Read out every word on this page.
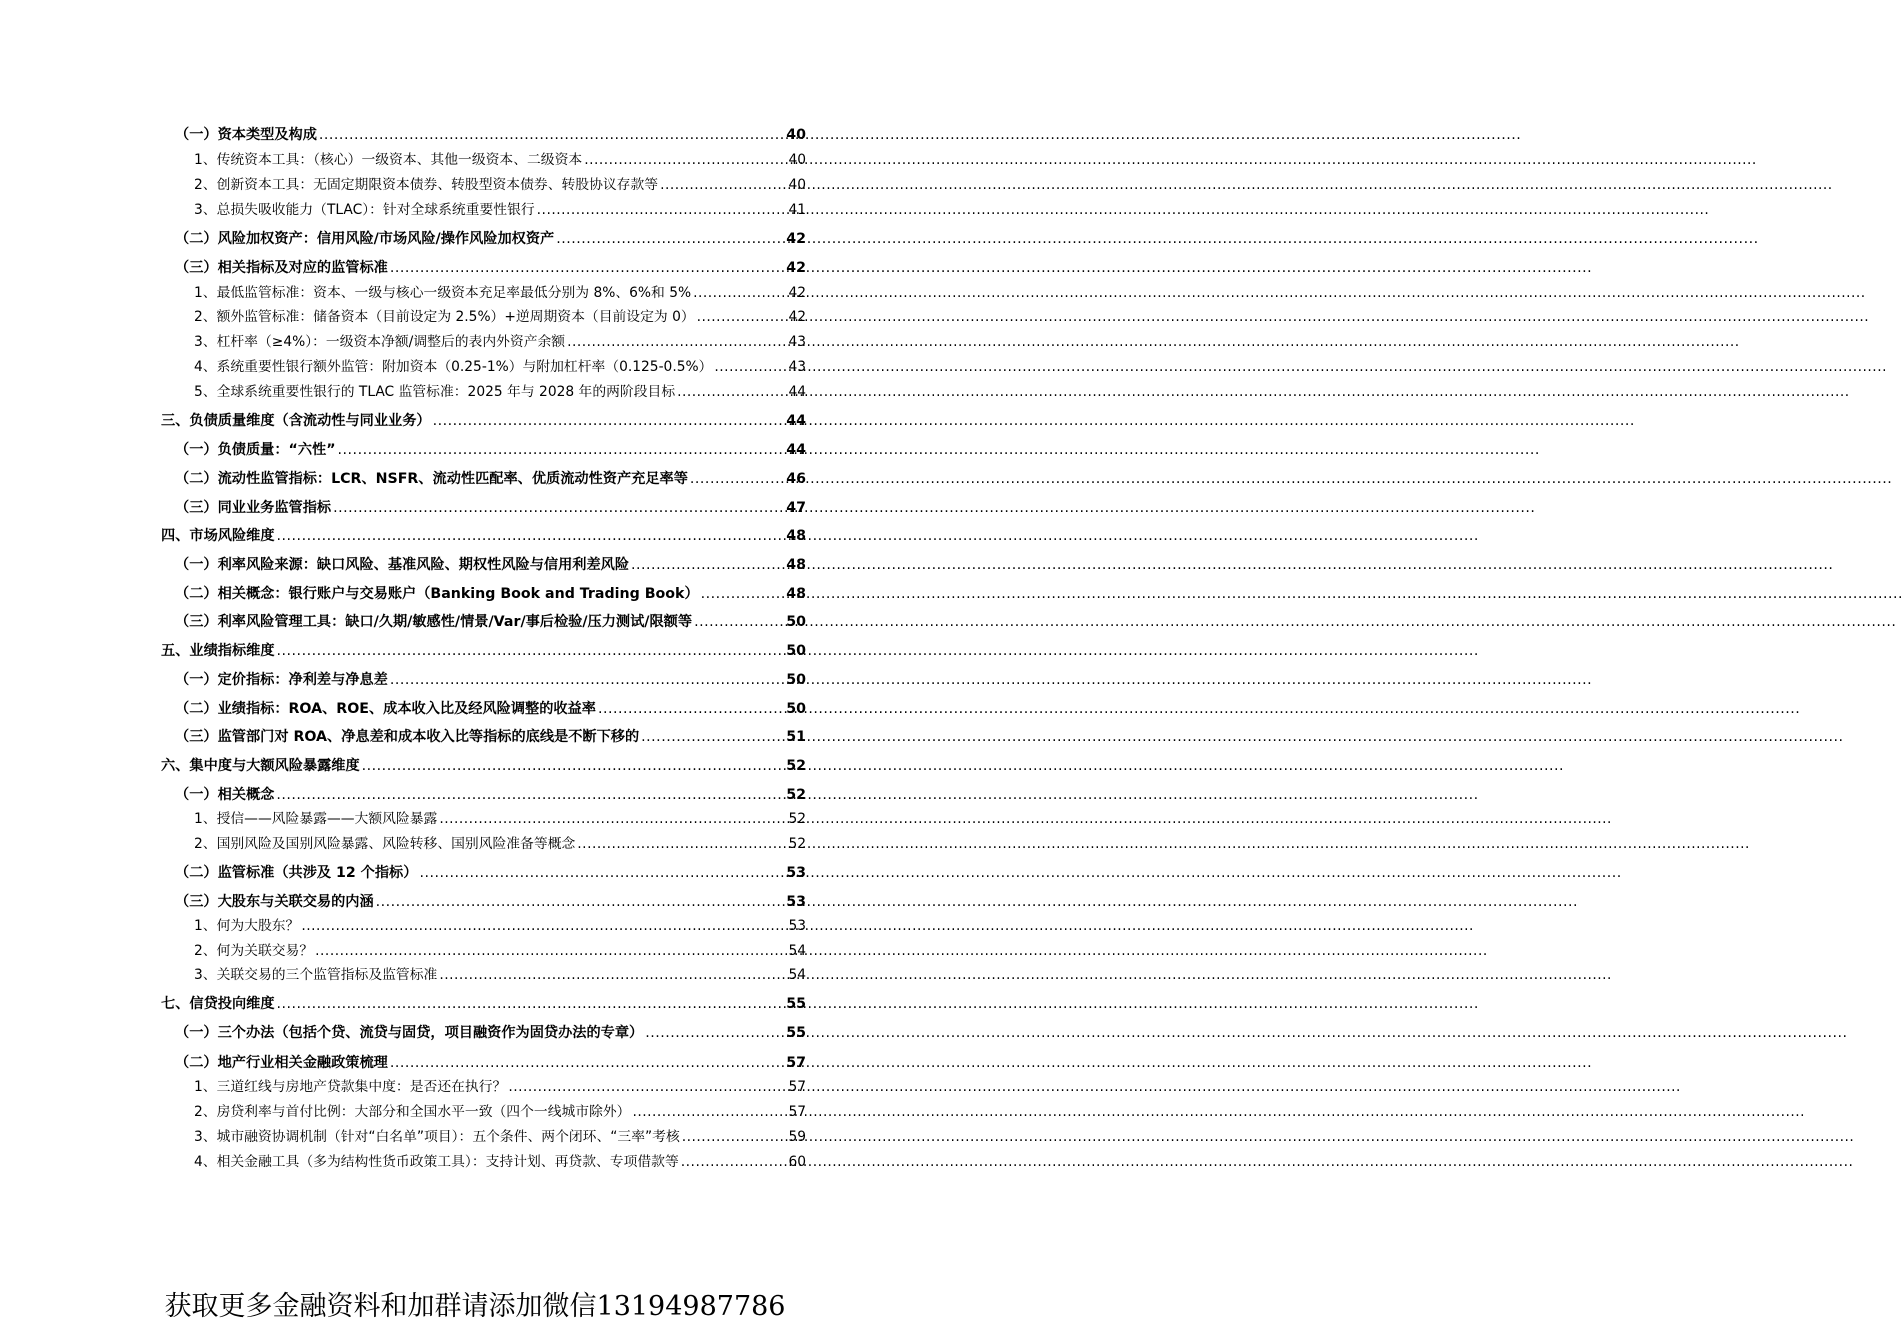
（一）资本类型及构成 .....	40
1、传统资本工具：（核心）一级资本、其他一级资本、二级资本 .....	40
2、创新资本工具：无固定期限资本债券、转股型资本债券、转股协议存款等 .....	40
3、总损失吸收能力（TLAC）：针对全球系统重要性银行 .....	41
（二）风险加权资产：信用风险/市场风险/操作风险加权资产 .....	42
（三）相关指标及对应的监管标准 .....	42
1、最低监管标准：资本、一级与核心一级资本充足率最低分别为 8%、6%和 5% .....	42
2、额外监管标准：储备资本（目前设定为 2.5%）+逆周期资本（目前设定为 0） .....	42
3、杠杆率（≥4%）：一级资本净额/调整后的表内外资产余额 .....	43
4、系统重要性银行额外监管：附加资本（0.25-1%）与附加杠杆率（0.125-0.5%） .....	43
5、全球系统重要性银行的 TLAC 监管标准：2025 年与 2028 年的两阶段目标 .....	44
三、负债质量维度（含流动性与同业业务） .....	44
（一）负债质量：“六性” .....	44
（二）流动性监管指标：LCR、NSFR、流动性匹配率、优质流动性资产充足率等 .....	46
（三）同业业务监管指标 .....	47
四、市场风险维度 .....	48
（一）利率风险来源：缺口风险、基准风险、期权性风险与信用利差风险 .....	48
（二）相关概念：银行账户与交易账户（Banking Book and Trading Book） .....	48
（三）利率风险管理工具：缺口/久期/敏感性/情景/Var/事后检验/压力测试/限额等 .....	50
五、业绩指标维度 .....	50
（一）定价指标：净利差与净息差 .....	50
（二）业绩指标：ROA、ROE、成本收入比及经风险调整的收益率 .....	50
（三）监管部门对 ROA、净息差和成本收入比等指标的底线是不断下移的 .....	51
六、集中度与大额风险暴露维度 .....	52
（一）相关概念 .....	52
1、授信——风险暴露——大额风险暴露 .....	52
2、国别风险及国别风险暴露、风险转移、国别风险准备等概念 .....	52
（二）监管标准（共涉及 12 个指标） .....	53
（三）大股东与关联交易的内涵 .....	53
1、何为大股东？ .....	53
2、何为关联交易？ .....	54
3、关联交易的三个监管指标及监管标准 .....	54
七、信贷投向维度 .....	55
（一）三个办法（包括个贷、流贷与固贷，项目融资作为固贷办法的专章） .....	55
（二）地产行业相关金融政策梳理 .....	57
1、三道红线与房地产贷款集中度：是否还在执行？ .....	57
2、房贷利率与首付比例：大部分和全国水平一致（四个一线城市除外） .....	57
3、城市融资协调机制（针对“白名单”项目）：五个条件、两个闭环、“三率”考核 .....	59
4、相关金融工具（多为结构性货币政策工具）：支持计划、再贷款、专项借款等 .....	60
获取更多金融资料和加群请添加微信13194987786
